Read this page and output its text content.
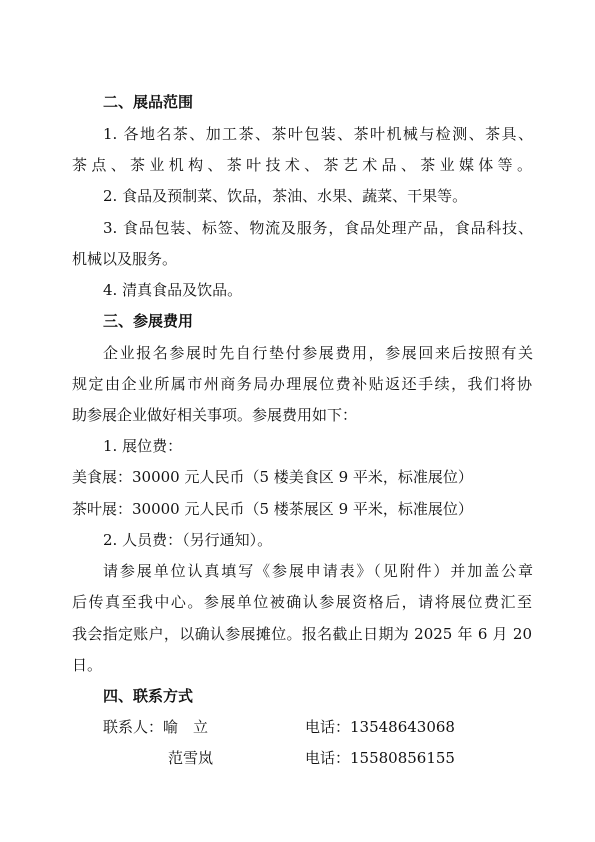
二、展品范围
1. 各地名茶、加工茶、茶叶包装、茶叶机械与检测、茶具、
茶点、茶业机构、茶叶技术、茶艺术品、茶业媒体等。
2. 食品及预制菜、饮品，茶油、水果、蔬菜、干果等。
3. 食品包装、标签、物流及服务，食品处理产品，食品科技、
机械以及服务。
4. 清真食品及饮品。
三、参展费用
企业报名参展时先自行垫付参展费用，参展回来后按照有关
规定由企业所属市州商务局办理展位费补贴返还手续，我们将协
助参展企业做好相关事项。参展费用如下：
1. 展位费：
美食展：30000 元人民币（5 楼美食区 9 平米，标准展位）
茶叶展：30000 元人民币（5 楼茶展区 9 平米，标准展位）
2. 人员费：（另行通知）。
请参展单位认真填写《参展申请表》（见附件）并加盖公章
后传真至我中心。参展单位被确认参展资格后，请将展位费汇至
我会指定账户，以确认参展摊位。报名截止日期为 2025 年 6 月 20
日。
四、联系方式
联系人：喻　立	电话：13548643068
范雪岚	电话：15580856155
